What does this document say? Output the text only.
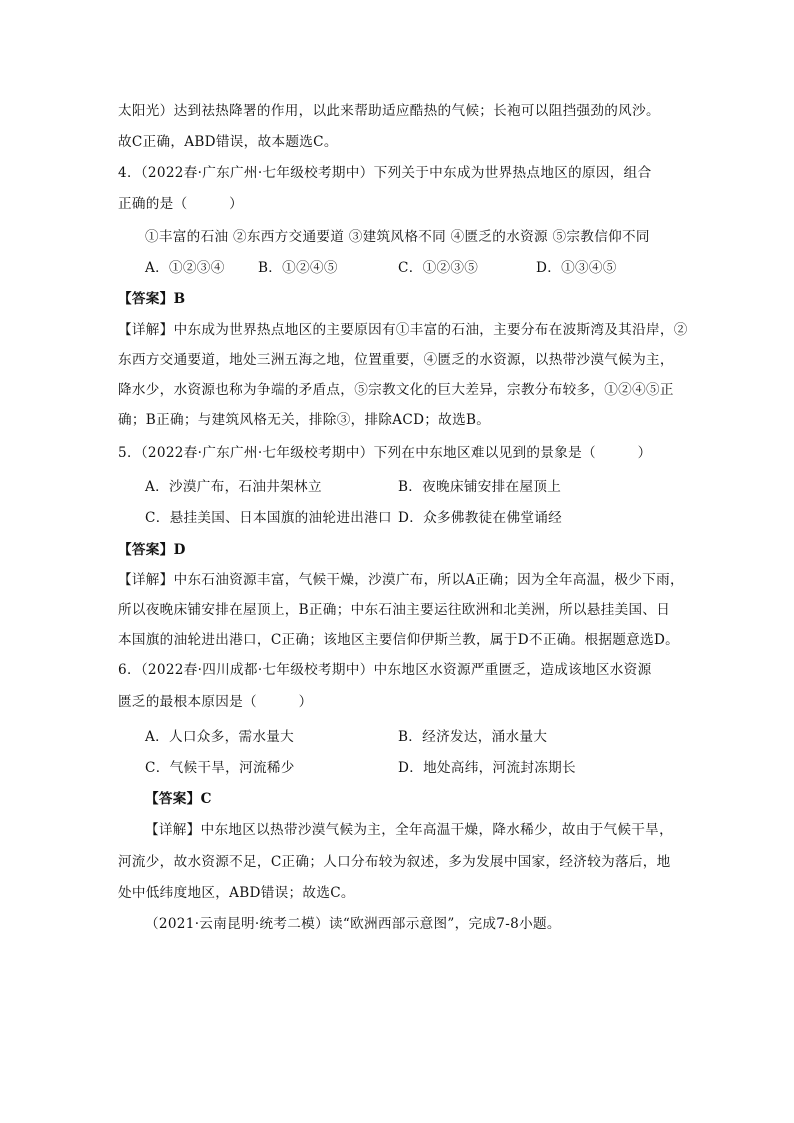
太阳光）达到祛热降署的作用，以此来帮助适应酷热的气候；长袍可以阻挡强劲的风沙。
故C正确，ABD错误，故本题选C。
4．（2022春·广东广州·七年级校考期中）下列关于中东成为世界热点地区的原因，组合
正确的是（　　　）
①丰富的石油 ②东西方交通要道 ③建筑风格不同 ④匮乏的水资源 ⑤宗教信仰不同
A．①②③④ B．①②④⑤	C．①②③⑤	D．①③④⑤
【答案】B
【详解】中东成为世界热点地区的主要原因有①丰富的石油，主要分布在波斯湾及其沿岸，②
东西方交通要道，地处三洲五海之地，位置重要，④匮乏的水资源，以热带沙漠气候为主，
降水少，水资源也称为争端的矛盾点，⑤宗教文化的巨大差异，宗教分布较多，①②④⑤正
确；B正确；与建筑风格无关，排除③，排除ACD；故选B。
5．（2022春·广东广州·七年级校考期中）下列在中东地区难以见到的景象是（　　　）
A．沙漠广布，石油井架林立	B．夜晚床铺安排在屋顶上
C．悬挂美国、日本国旗的油轮进出港口 D．众多佛教徒在佛堂诵经
【答案】D
【详解】中东石油资源丰富，气候干燥，沙漠广布，所以A正确；因为全年高温，极少下雨，
所以夜晚床铺安排在屋顶上，B正确；中东石油主要运往欧洲和北美洲，所以悬挂美国、日
本国旗的油轮进出港口，C正确；该地区主要信仰伊斯兰教，属于D不正确。根据题意选D。
6．（2022春·四川成都·七年级校考期中）中东地区水资源严重匮乏，造成该地区水资源
匮乏的最根本原因是（　　　）
A．人口众多，需水量大	B．经济发达，涌水量大
C．气候干旱，河流稀少	D．地处高纬，河流封冻期长
【答案】C
【详解】中东地区以热带沙漠气候为主，全年高温干燥，降水稀少，故由于气候干旱，
河流少，故水资源不足，C正确；人口分布较为叙述，多为发展中国家，经济较为落后，地
处中低纬度地区，ABD错误；故选C。
（2021·云南昆明·统考二模）读“欧洲西部示意图”，完成7-8小题。
